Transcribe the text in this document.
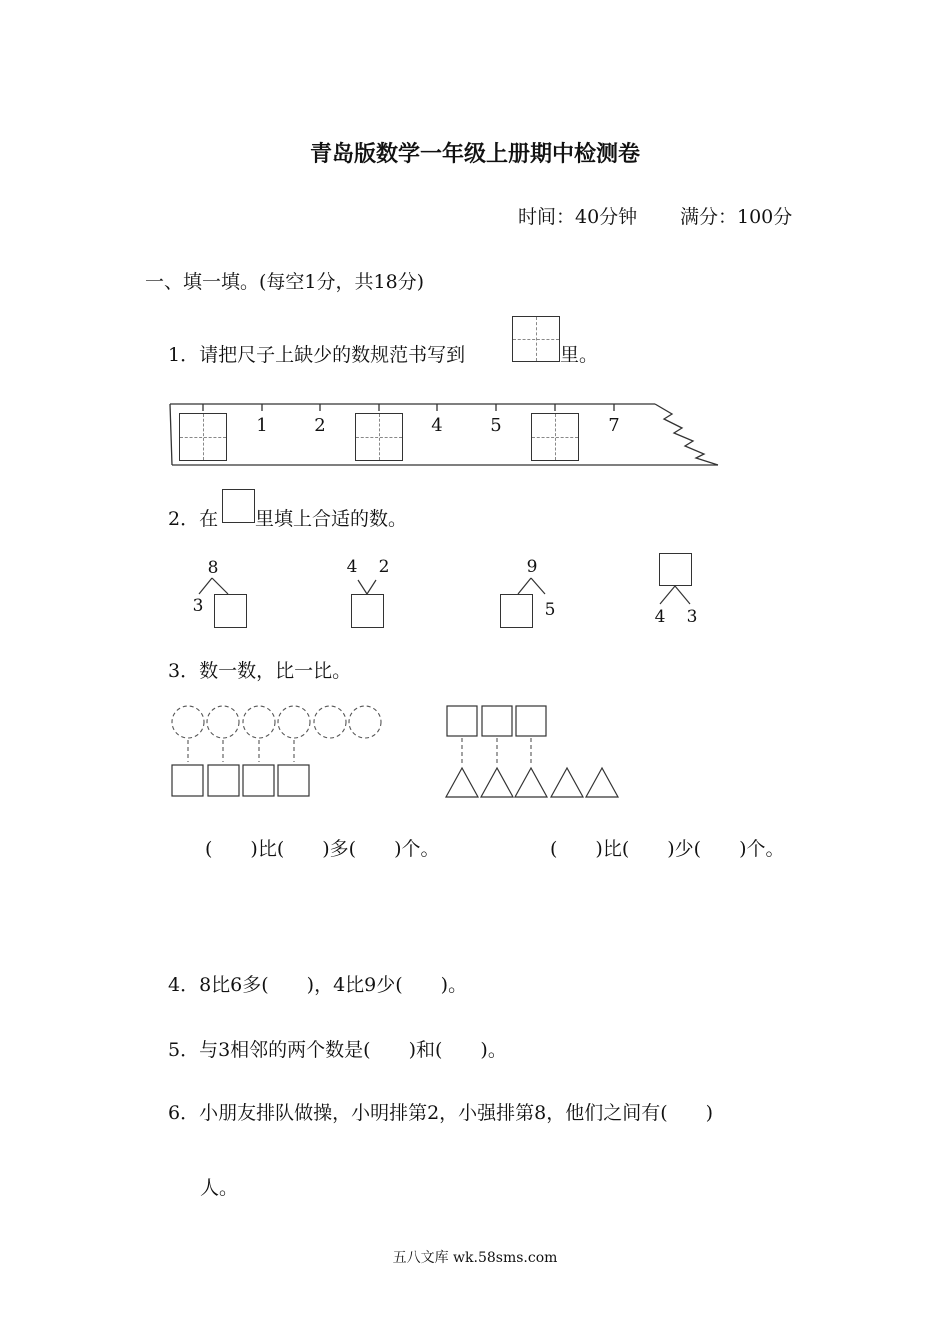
青岛版数学一年级上册期中检测卷
时间：40分钟 满分：100分
一、填一填。(每空1分，共18分)
1．请把尺子上缺少的数规范书写到	里。
1	2	4	5	7
2．在 里填上合适的数。
8
3
4 2	9
5	4 3
3．数一数，比一比。
(　　)比(　　)多(　　)个。	(　　)比(　　)少(　　)个。
4．8比6多(　　)，4比9少(　　)。
5．与3相邻的两个数是(　　)和(　　)。
6．小朋友排队做操，小明排第2，小强排第8，他们之间有(　　)
人。
五八文库 wk.58sms.com
